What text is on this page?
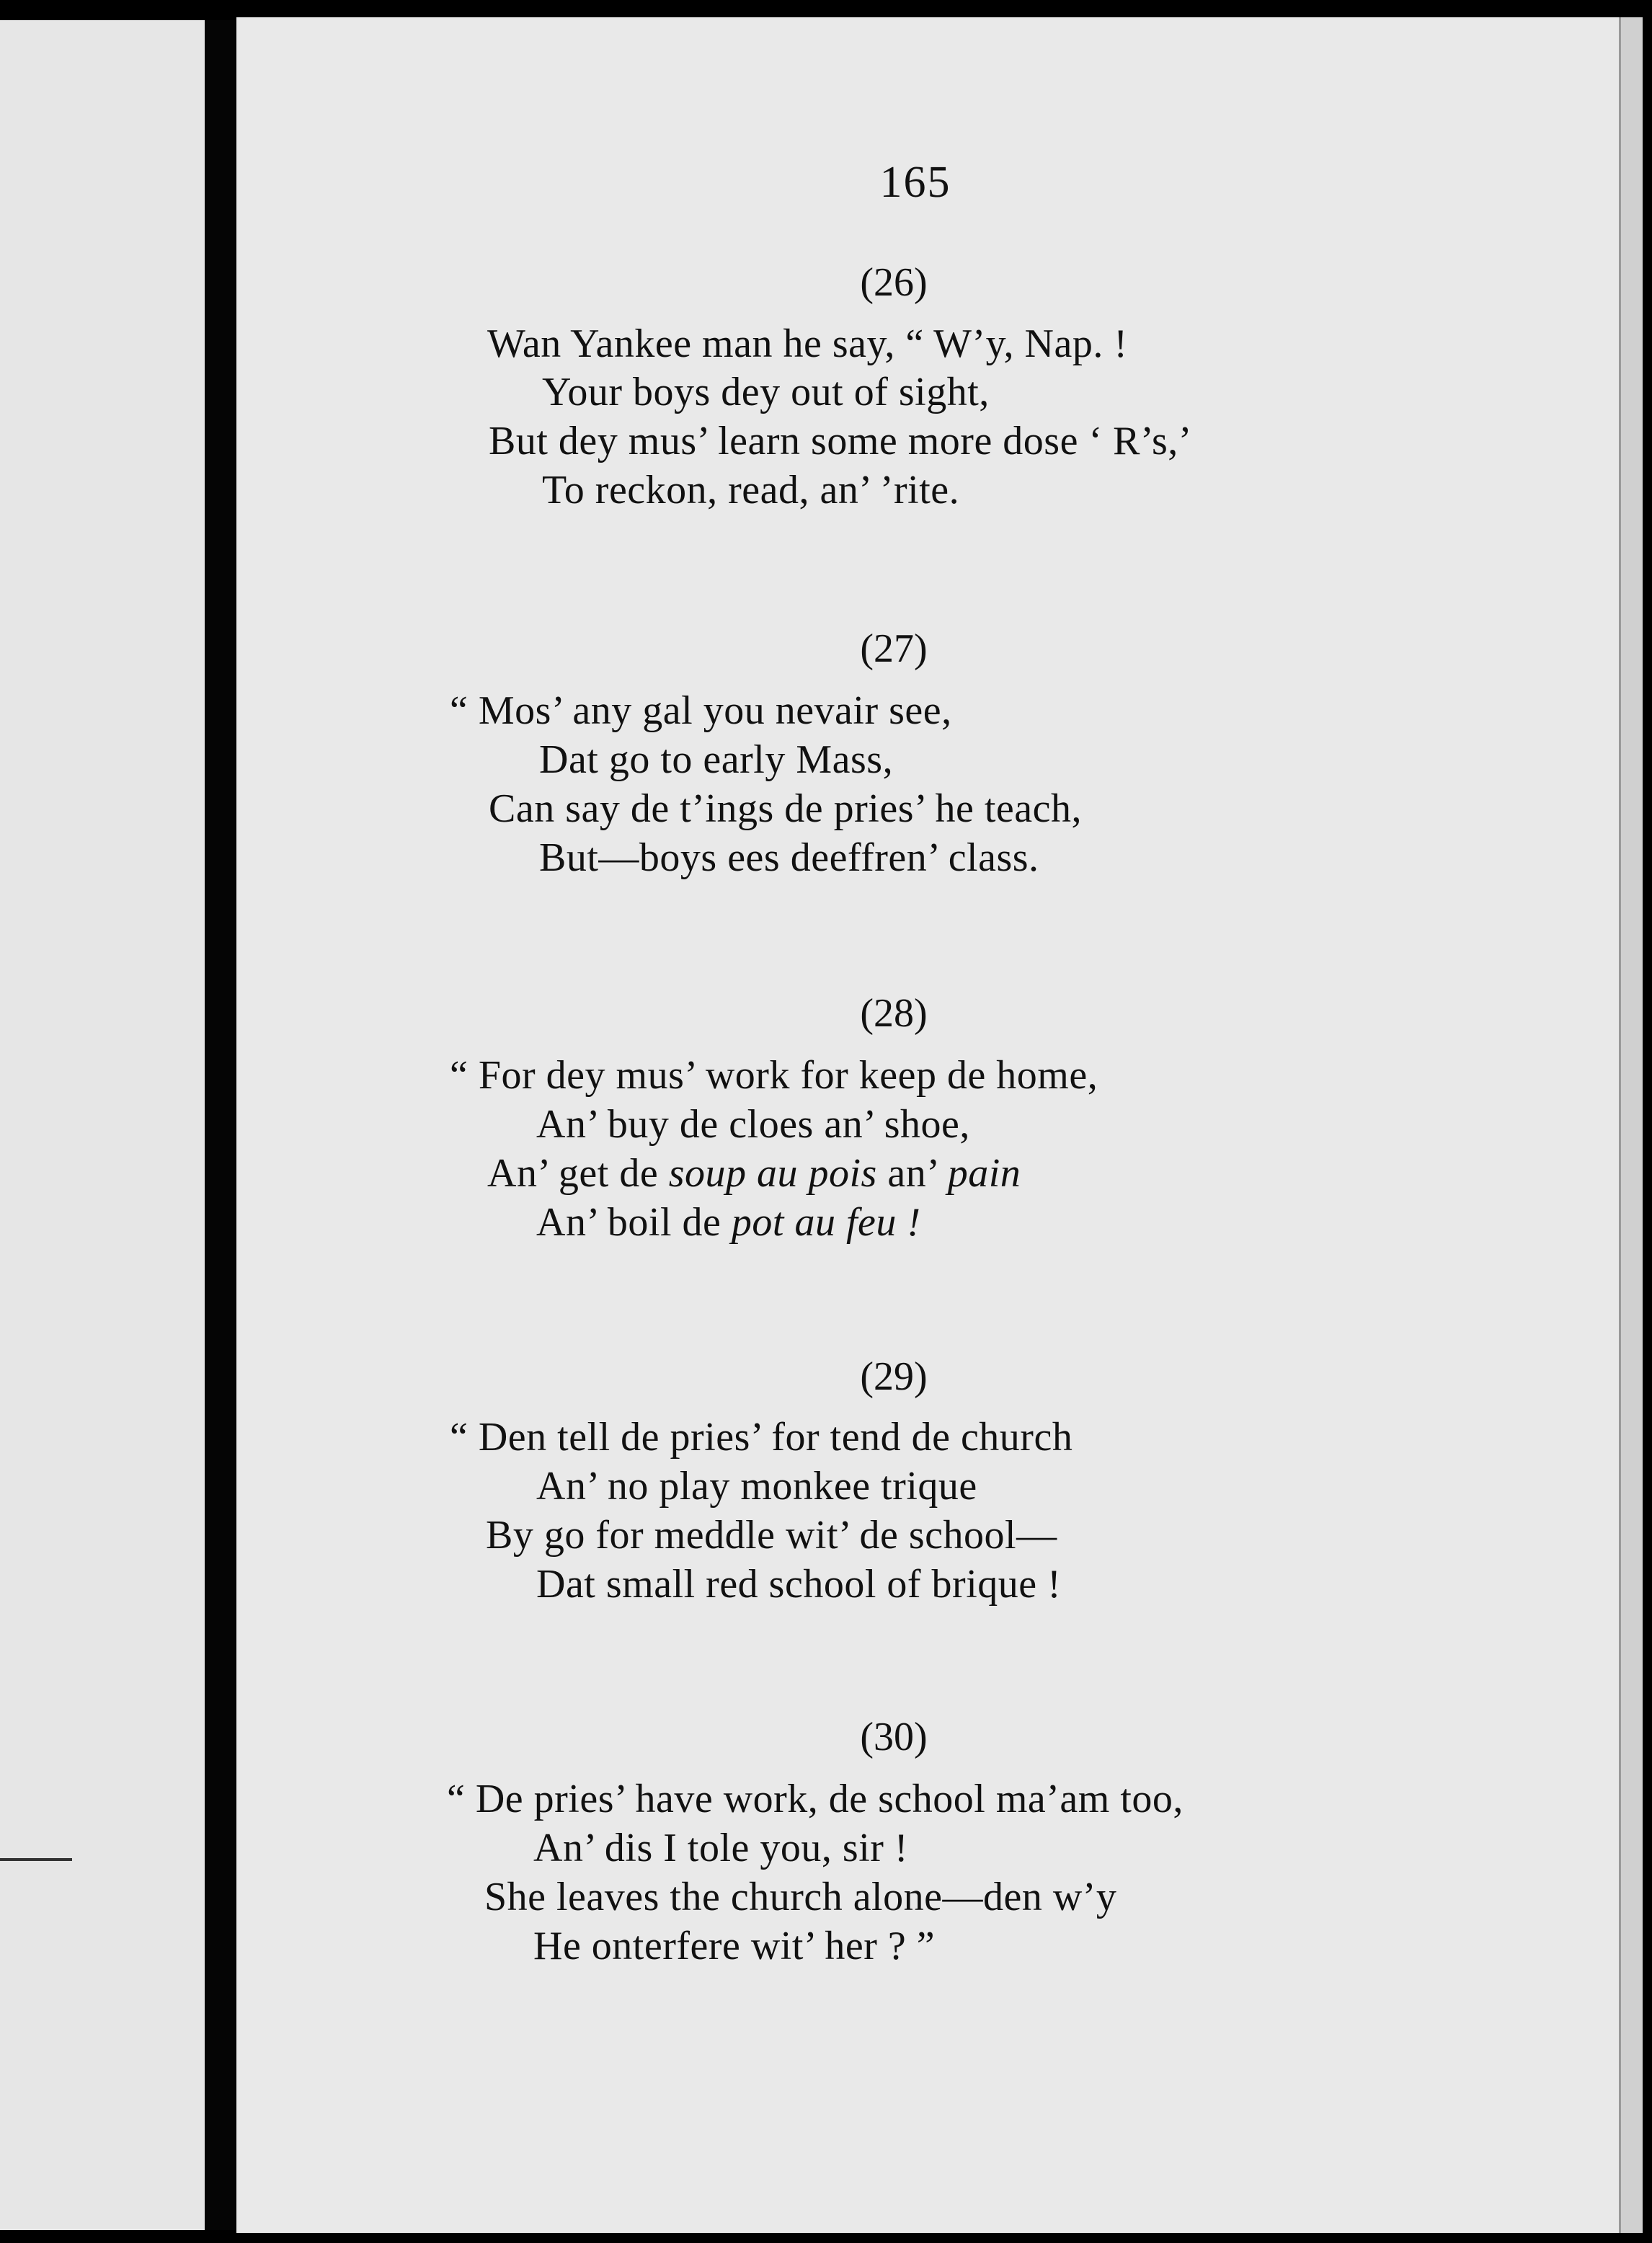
165
(26)
Wan Yankee man he say, “ W’y, Nap. !
Your boys dey out of sight,
But dey mus’ learn some more dose ‘ R’s,’
To reckon, read, an’ ’rite.
(27)
“ Mos’ any gal you nevair see,
Dat go to early Mass,
Can say de t’ings de pries’ he teach,
But—boys ees deeffren’ class.
(28)
“ For dey mus’ work for keep de home,
An’ buy de cloes an’ shoe,
An’ get de soup au pois an’ pain
An’ boil de pot au feu !
(29)
“ Den tell de pries’ for tend de church
An’ no play monkee trique
By go for meddle wit’ de school—
Dat small red school of brique !
(30)
“ De pries’ have work, de school ma’am too,
An’ dis I tole you, sir !
She leaves the church alone—den w’y
He onterfere wit’ her ? ”
